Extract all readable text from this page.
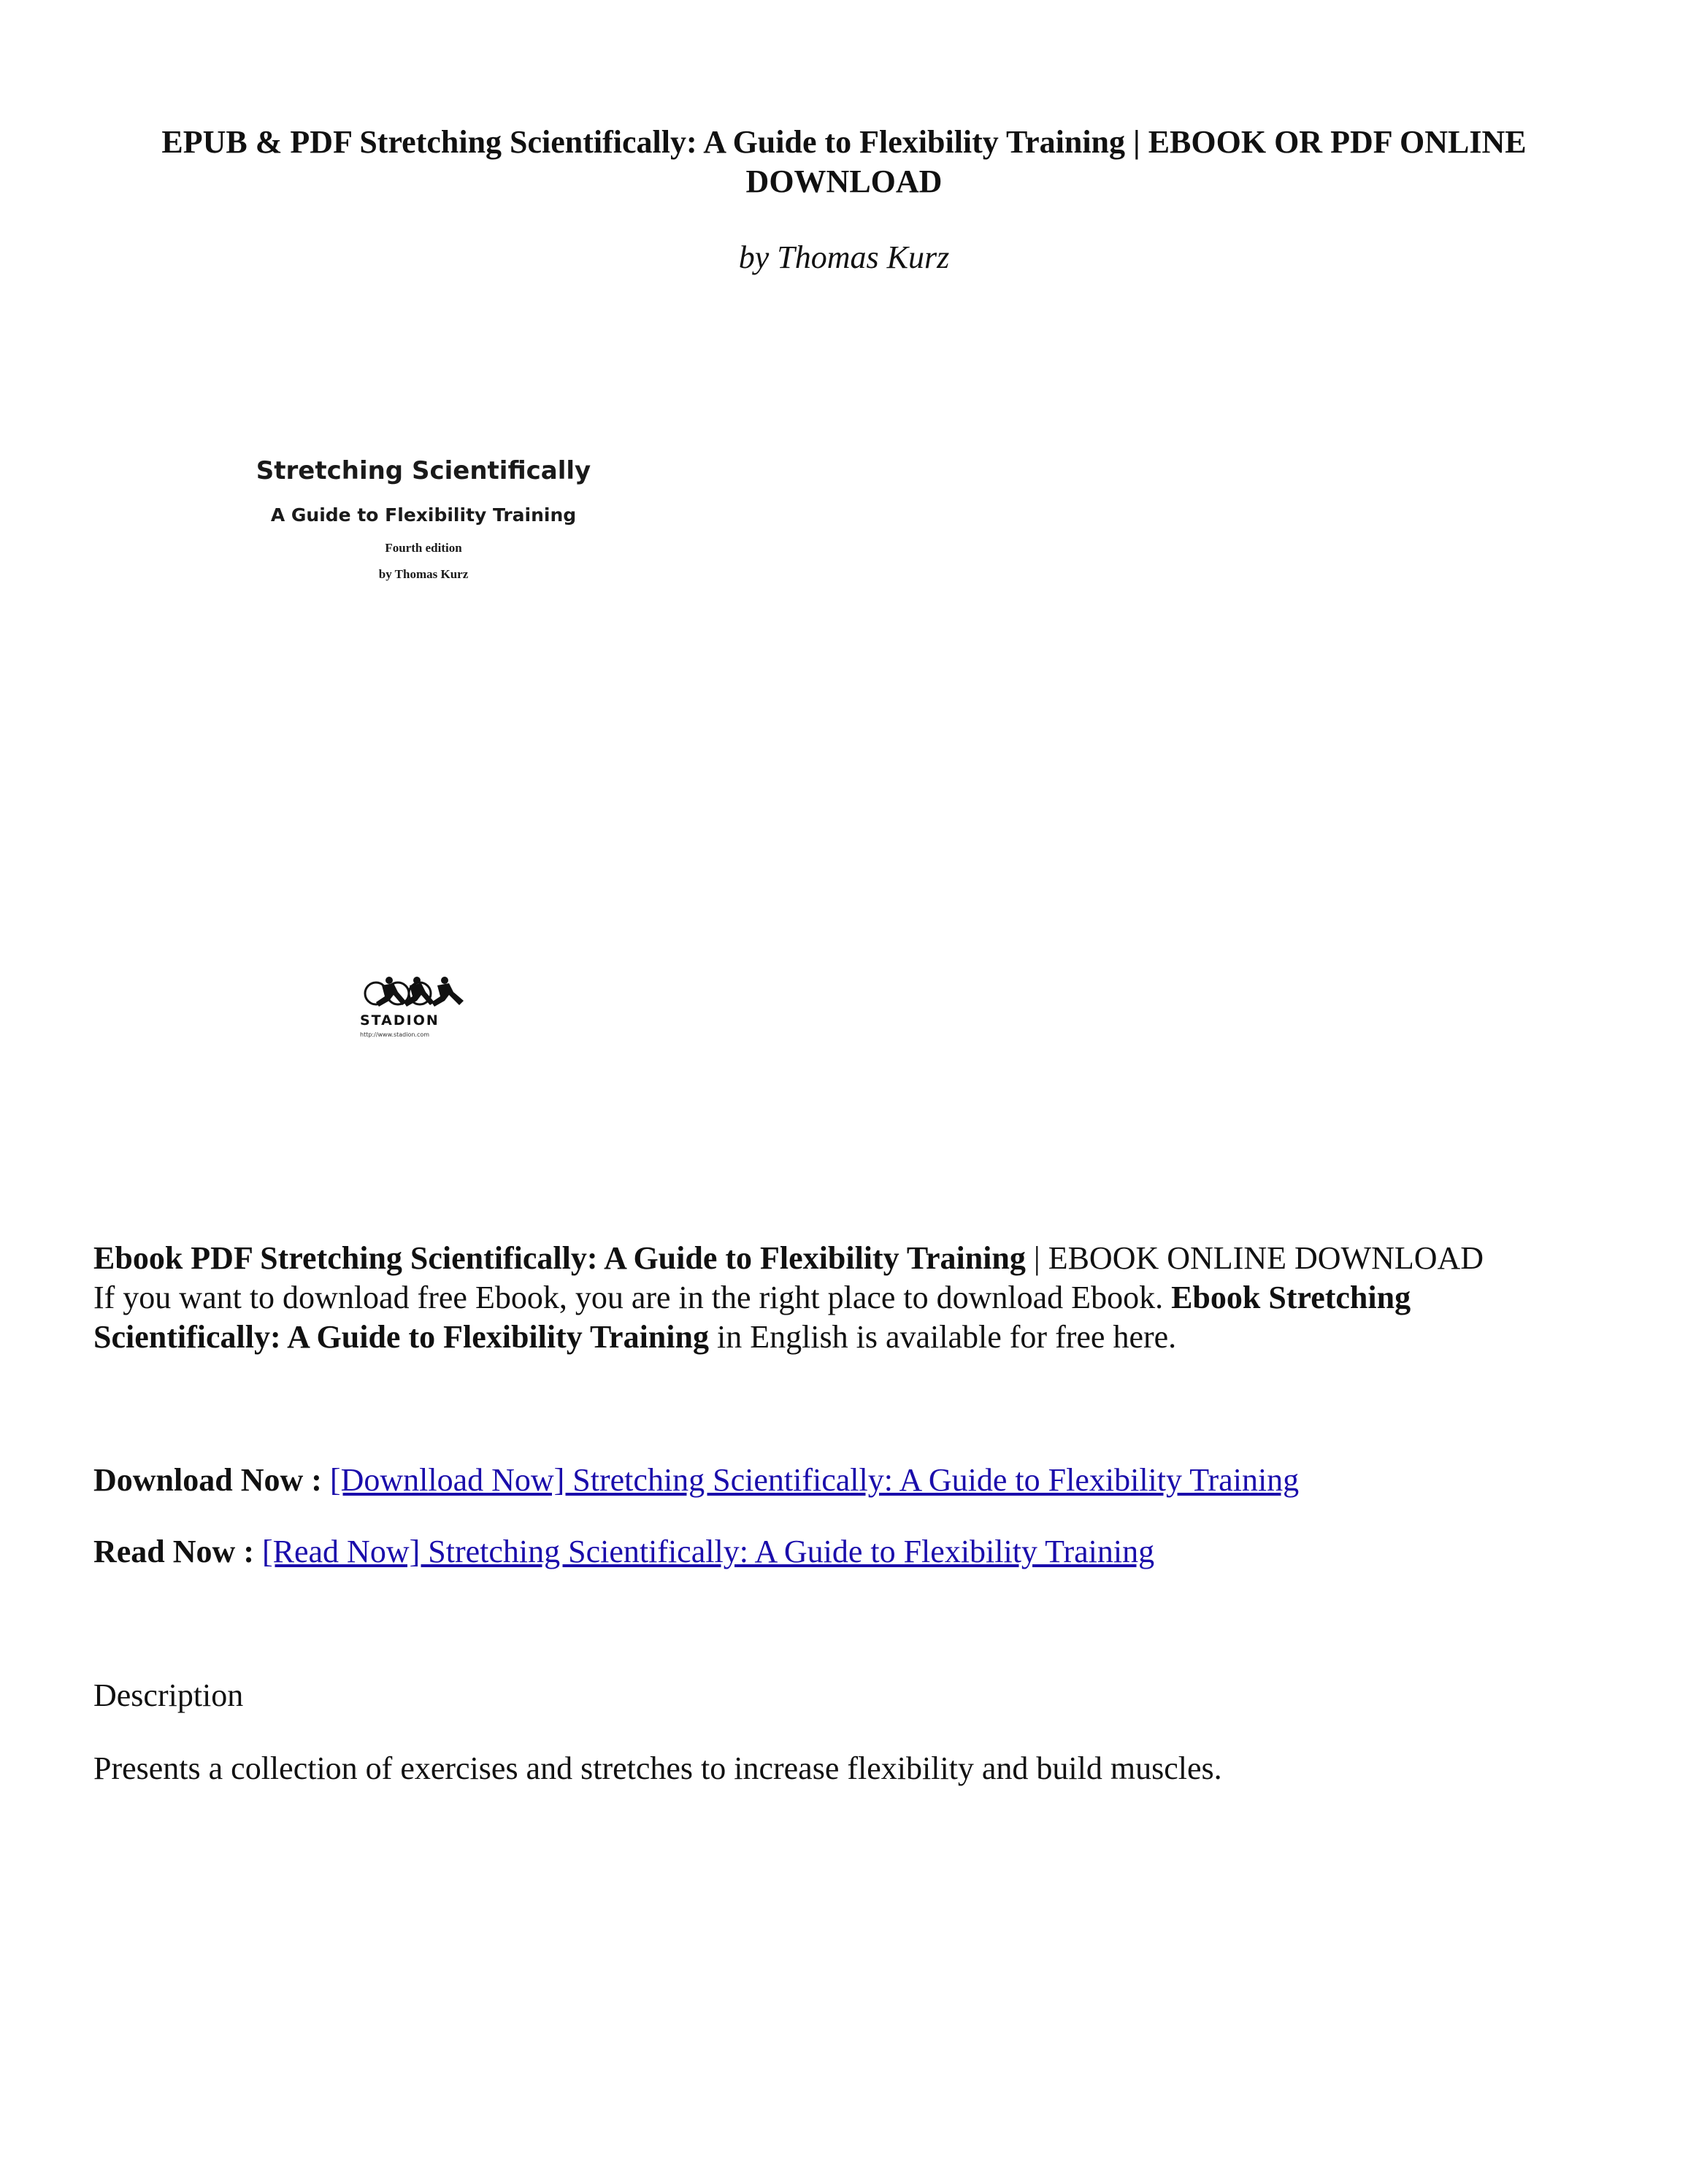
EPUB & PDF Stretching Scientifically: A Guide to Flexibility Training | EBOOK OR PDF ONLINE
DOWNLOAD
by Thomas Kurz
Stretching Scientifically
A Guide to Flexibility Training
Fourth edition
by Thomas Kurz
STADION
http://www.stadion.com
Ebook PDF Stretching Scientifically: A Guide to Flexibility Training | EBOOK ONLINE DOWNLOAD
If you want to download free Ebook, you are in the right place to download Ebook. Ebook Stretching
Scientifically: A Guide to Flexibility Training in English is available for free here.
Download Now : [Downlload Now] Stretching Scientifically: A Guide to Flexibility Training
Read Now : [Read Now] Stretching Scientifically: A Guide to Flexibility Training
Description
Presents a collection of exercises and stretches to increase flexibility and build muscles.
